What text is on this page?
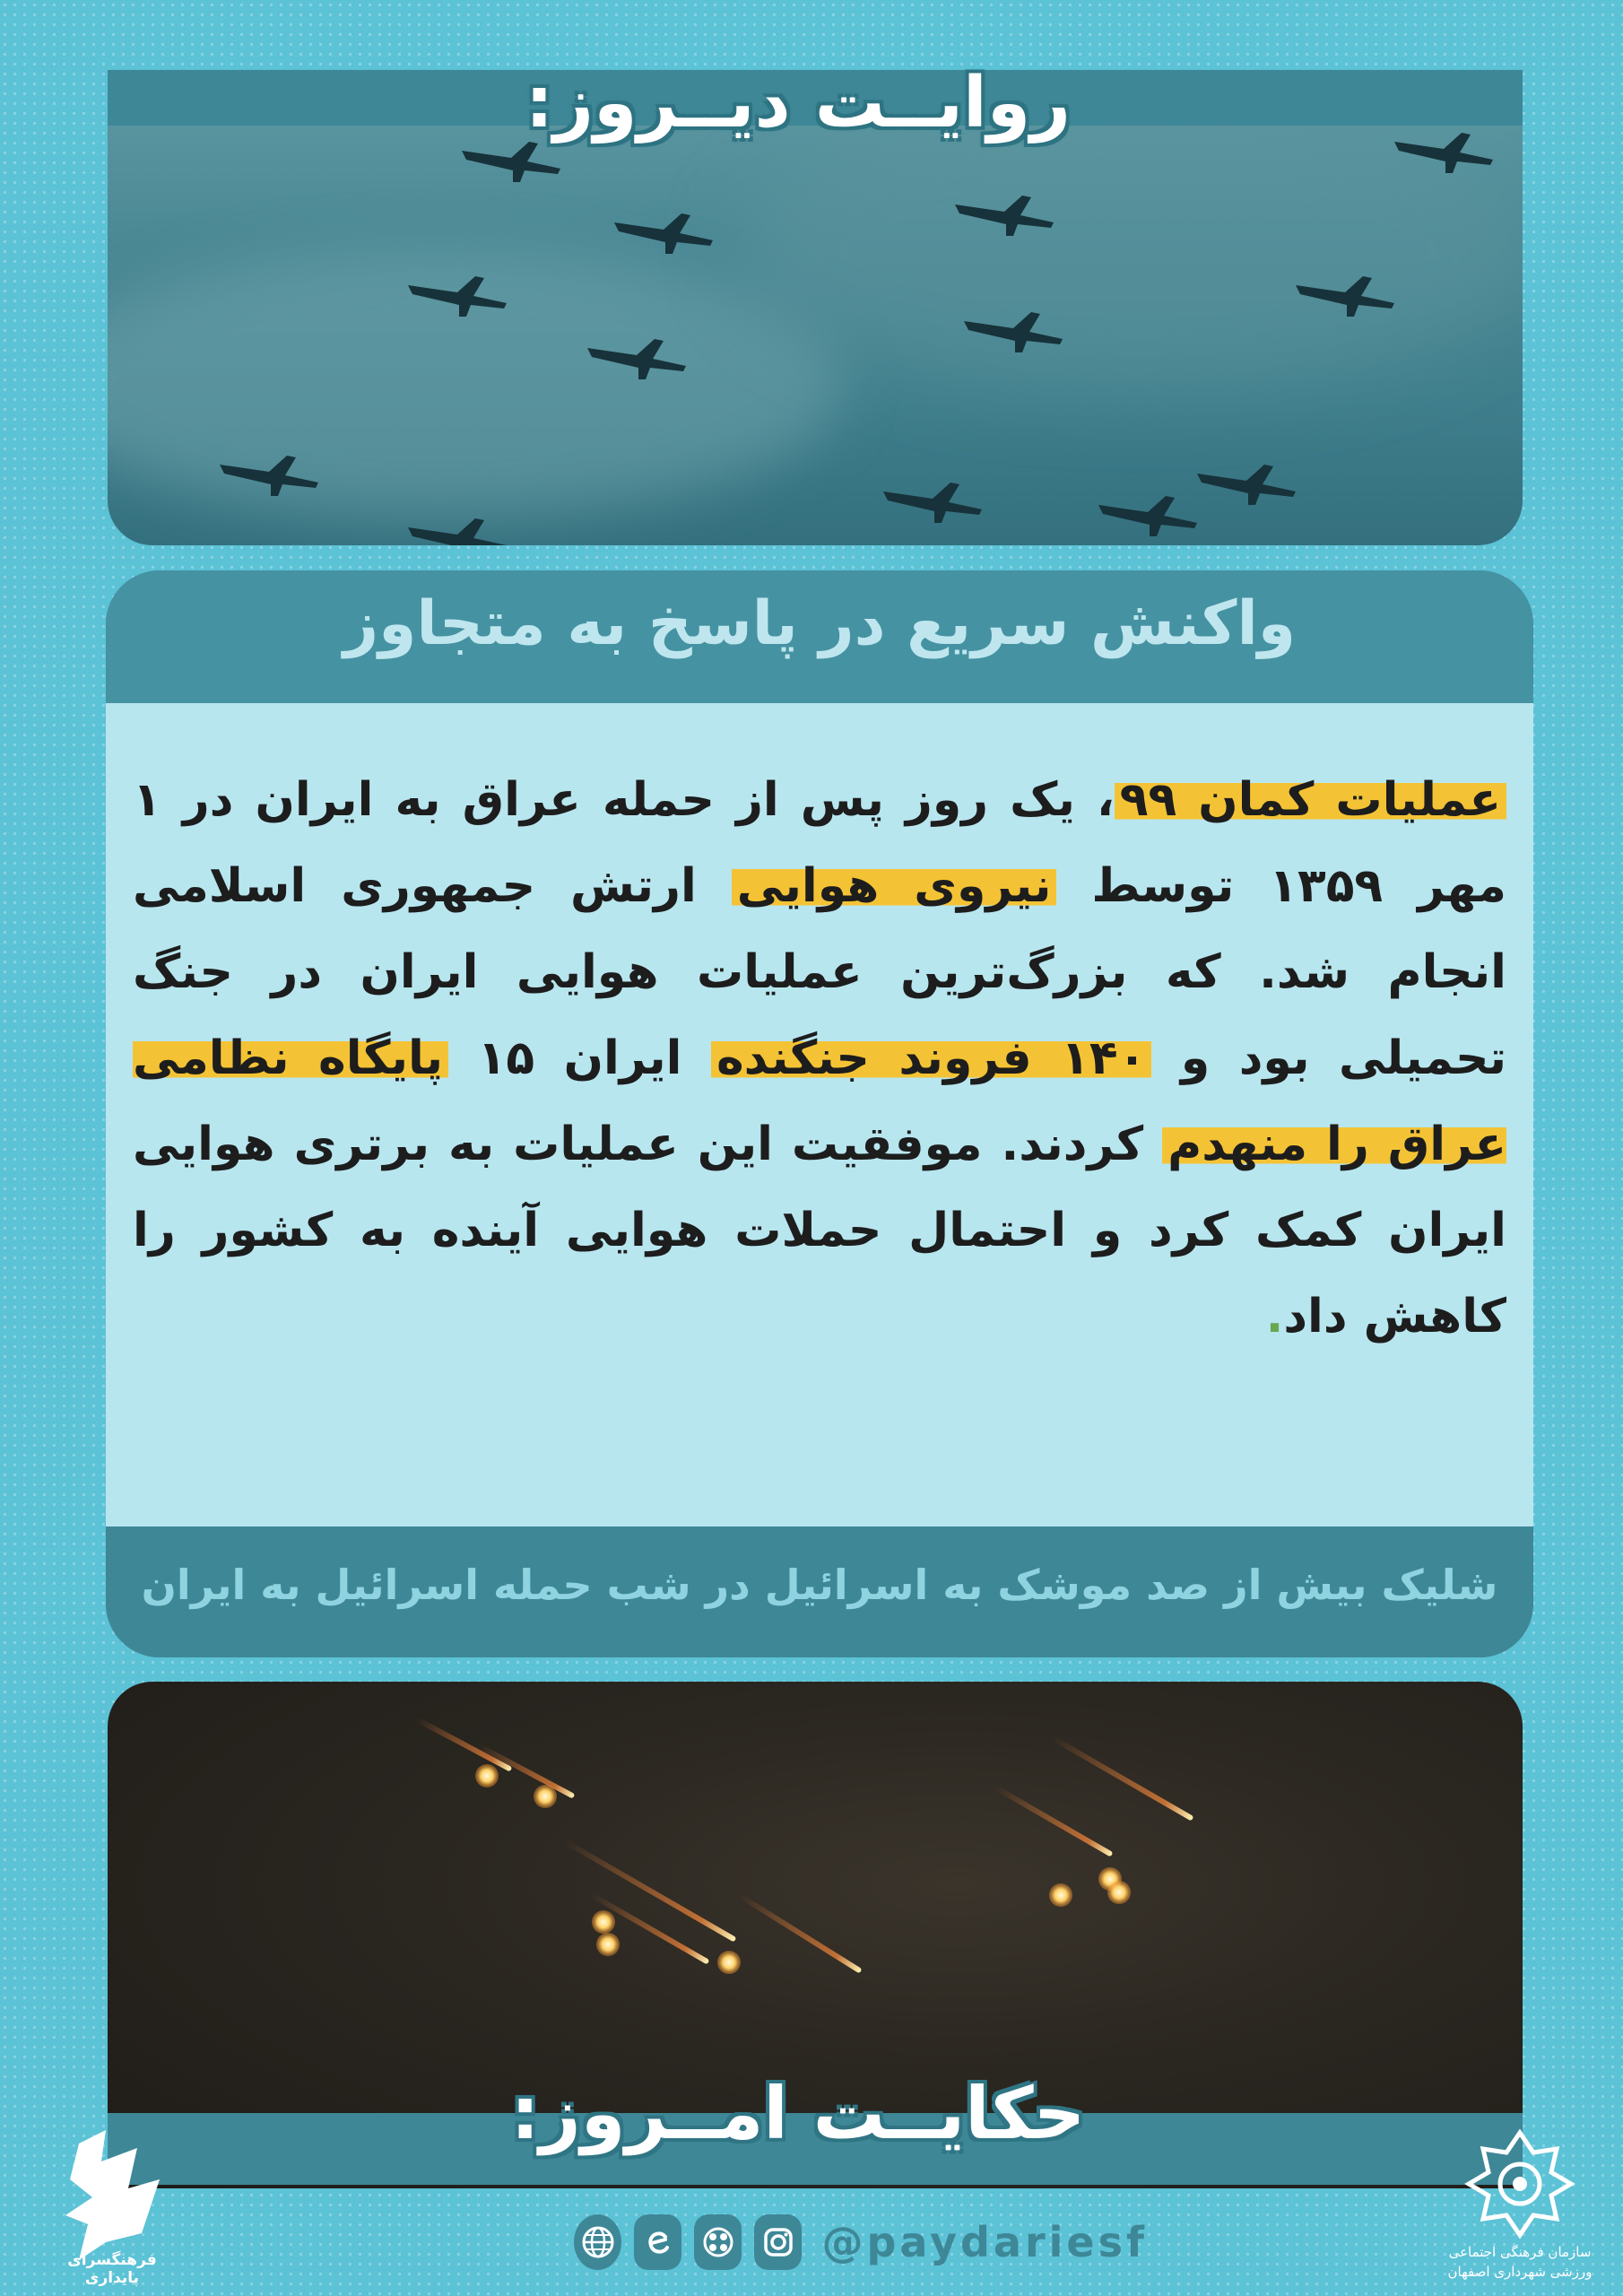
روایــت دیــروز:
واکنش سریع در پاسخ به متجاوز
عملیات کمان ۹۹، یک روز پس از حمله عراق به ایران در ۱ مهر ۱۳۵۹ توسط نیروی هوایی ارتش جمهوری اسلامی انجام شد. که بزرگ‌ترین عملیات هوایی ایران در جنگ تحمیلی بود و ۱۴۰ فروند جنگنده ایران ۱۵ پایگاه نظامی عراق را منهدم کردند. موفقیت این عملیات به برتری هوایی ایران کمک کرد و احتمال حملات هوایی آینده به کشور را کاهش داد.
شلیک بیش از صد موشک به اسرائیل در شب حمله اسرائیل به ایران
حکایــت امــروز:
فرهنگسرای پایداری
@paydariesf	سازمان فرهنگی اجتماعی
ورزشی شهرداری اصفهان
